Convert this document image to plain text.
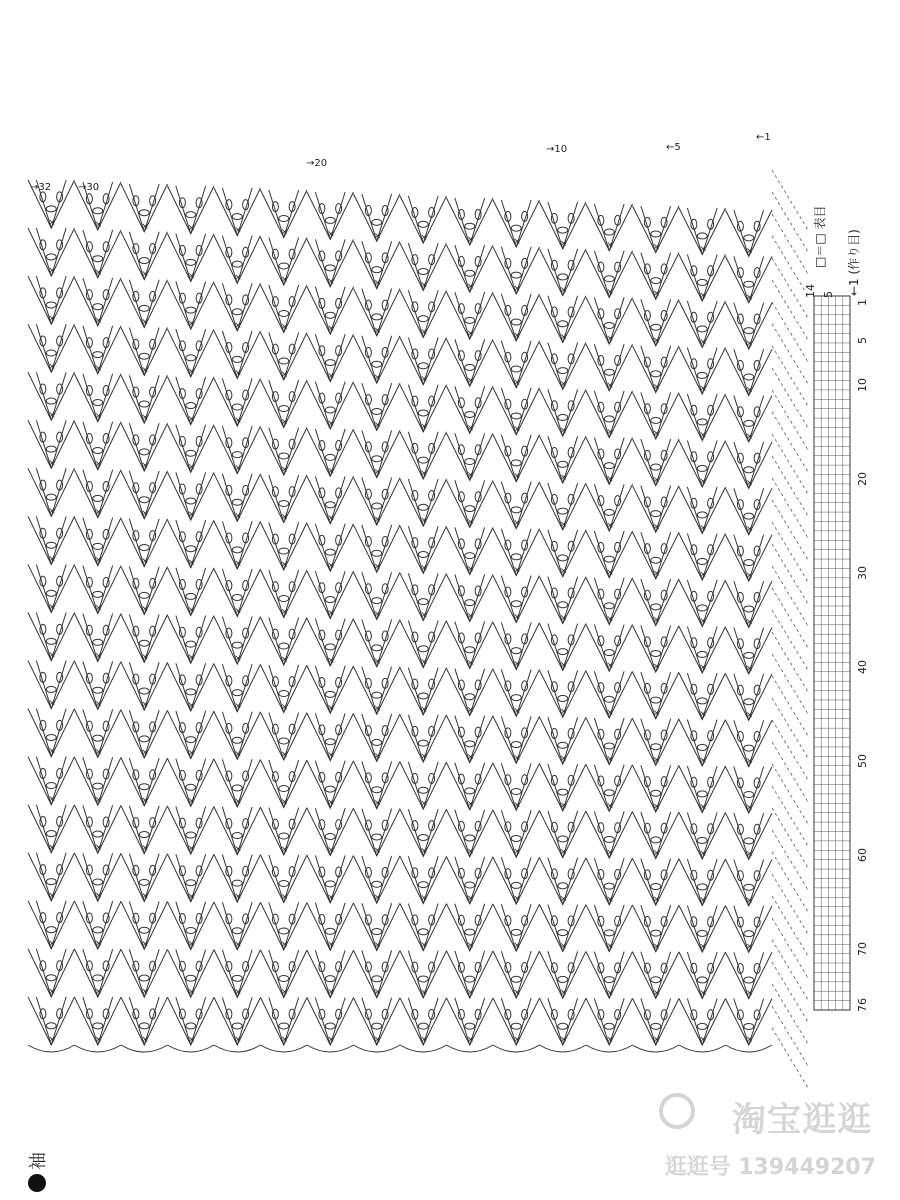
×
×
×
×
×
×
×
×
×
×
×
×
×
×
×
×
×
×
×
×
×
×
×
×
×
×
×
×
×
×
×
×
×
×
×
×
×
×
×
×
×
×
×
×
×
×
×
×
×
×
×
×
×
×
×
×
×
×
×
×
×
×
×
×
×
×
×
×
×
×
×
×
×
×
×
×
×
×
×
×
×
×
×
×
×
×
×
×
×
×
×
×
×
×
×
×
×
×
×
×
×
×
×
×
×
×
×
×
×
×
×
×
×
×
×
×
×
×
×
×
×
×
×
×
×
×
×
×
×
×
×
×
×
×
×
×
×
×
×
×
×
×
×
×
×
×
×
×
×
×
×
×
×
×
×
×
×
×
×
×
×
×
×
×
×
×
×
×
×
×
×
×
×
×
×
×
×
×
×
×
×
×
×
×
×
×
×
×
×
×
×
×
×
×
×
×
×
×
×
×
×
×
×
×
×
×
×
×
×
×
×
×
×
×
×
×
×
×
×
×
×
×
×
×
×
×
×
×
×
×
×
×
×
×
×
×
×
×
×
×
×
×
×
×
×
×
×
×
×
×
×
×
×
×
×
×
×
×
×
×
×
×
×
×
×
×
×
×
×
×
×
×
×
×
×
×
×
×
×
×
×
×
×
×
×
×
×
×
→32	→30
→20
→10	←5
←1
□＝□ 表目 ←1 (作り目)
14 5
1
5
10
20
30
40
50
60
70
76
袖
淘宝逛逛
逛逛号 139449207
